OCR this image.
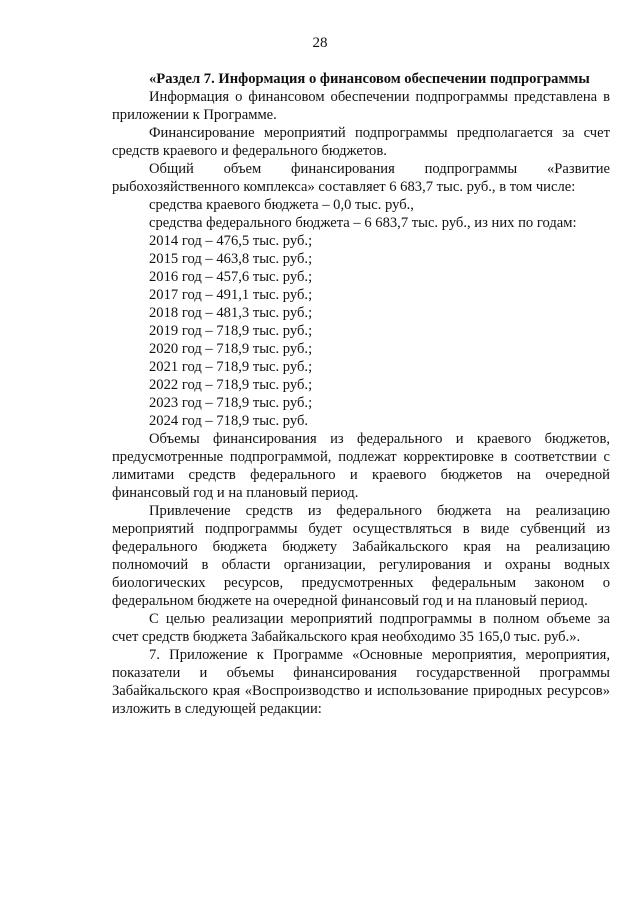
28

«Раздел 7. Информация о финансовом обеспечении подпрограммы

Информация о финансовом обеспечении подпрограммы представлена в приложении к Программе.

Финансирование мероприятий подпрограммы предполагается за счет средств краевого и федерального бюджетов.

Общий объем финансирования подпрограммы «Развитие рыбохозяйственного комплекса» составляет 6 683,7 тыс. руб., в том числе:

средства краевого бюджета – 0,0 тыс. руб.,

средства федерального бюджета – 6 683,7 тыс. руб., из них по годам:

2014 год – 476,5 тыс. руб.;
2015 год – 463,8 тыс. руб.;
2016 год – 457,6 тыс. руб.;
2017 год – 491,1 тыс. руб.;
2018 год – 481,3 тыс. руб.;
2019 год – 718,9 тыс. руб.;
2020 год – 718,9 тыс. руб.;
2021 год – 718,9 тыс. руб.;
2022 год – 718,9 тыс. руб.;
2023 год – 718,9 тыс. руб.;
2024 год – 718,9 тыс. руб.

Объемы финансирования из федерального и краевого бюджетов, предусмотренные подпрограммой, подлежат корректировке в соответствии с лимитами средств федерального и краевого бюджетов на очередной финансовый год и на плановый период.

Привлечение средств из федерального бюджета на реализацию мероприятий подпрограммы будет осуществляться в виде субвенций из федерального бюджета бюджету Забайкальского края на реализацию полномочий в области организации, регулирования и охраны водных биологических ресурсов, предусмотренных федеральным законом о федеральном бюджете на очередной финансовый год и на плановый период.

С целью реализации мероприятий подпрограммы в полном объеме за счет средств бюджета Забайкальского края необходимо 35 165,0 тыс. руб.».

7. Приложение к Программе «Основные мероприятия, мероприятия, показатели и объемы финансирования государственной программы Забайкальского края «Воспроизводство и использование природных ресурсов» изложить в следующей редакции:
